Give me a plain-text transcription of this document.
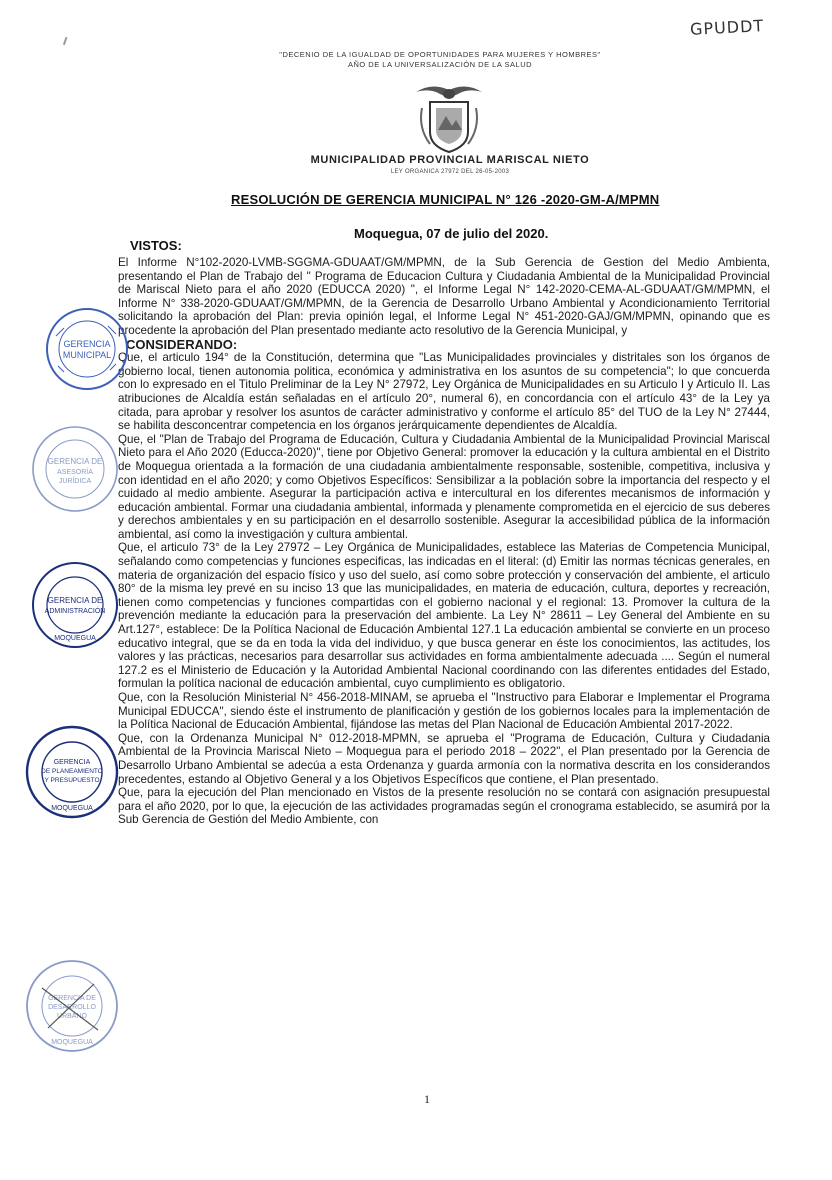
GPUDDT
"DECENIO DE LA IGUALDAD DE OPORTUNIDADES PARA MUJERES Y HOMBRES"
AÑO DE LA UNIVERSALIZACIÓN DE LA SALUD
MUNICIPALIDAD PROVINCIAL MARISCAL NIETO
LEY ORGANICA 27972 DEL 26-05-2003
RESOLUCIÓN DE GERENCIA MUNICIPAL N° 126 -2020-GM-A/MPMN
Moquegua, 07 de julio del 2020.
VISTOS:

El Informe N°102-2020-LVMB-SGGMA-GDUAAT/GM/MPMN, de la Sub Gerencia de Gestion del Medio Ambienta, presentando el Plan de Trabajo del " Programa de Educacion Cultura y Ciudadania Ambiental de la Municipalidad Provincial de Mariscal Nieto para el año 2020 (EDUCCA 2020) ", el Informe Legal N° 142-2020-CEMA-AL-GDUAAT/GM/MPMN, el Informe N° 338-2020-GDUAAT/GM/MPMN, de la Gerencia de Desarrollo Urbano Ambiental y Acondicionamiento Territorial solicitando la aprobación del Plan: previa opinión legal, el Informe Legal N° 451-2020-GAJ/GM/MPMN, opinando que es procedente la aprobación del Plan presentado mediante acto resolutivo de la Gerencia Municipal, y

CONSIDERANDO:

Que, el articulo 194° de la Constitución, determina que "Las Municipalidades provinciales y distritales son los órganos de gobierno local, tienen autonomia politica, económica y administrativa en los asuntos de su competencia"; lo que concuerda con lo expresado en el Titulo Preliminar de la Ley N° 27972, Ley Orgánica de Municipalidades en su Articulo I y Articulo II. Las atribuciones de Alcaldía están señaladas en el artículo 20°, numeral 6), en concordancia con el artículo 43° de la Ley ya citada, para aprobar y resolver los asuntos de carácter administrativo y conforme el artículo 85° del TUO de la Ley N° 27444, se habilita desconcentrar competencia en los órganos jerárquicamente dependientes de Alcaldía.

Que, el "Plan de Trabajo del Programa de Educación, Cultura y Ciudadania Ambiental de la Municipalidad Provincial Mariscal Nieto para el Año 2020 (Educca-2020)", tiene por Objetivo General: promover la educación y la cultura ambiental en el Distrito de Moquegua orientada a la formación de una ciudadania ambientalmente responsable, sostenible, competitiva, inclusiva y con identidad en el año 2020; y como Objetivos Específicos: Sensibilizar a la población sobre la importancia del respecto y el cuidado al medio ambiente. Asegurar la participación activa e intercultural en los diferentes mecanismos de información y educación ambiental. Formar una ciudadania ambiental, informada y plenamente comprometida en el ejercicio de sus deberes y derechos ambientales y en su participación en el desarrollo sostenible. Asegurar la accesibilidad pública de la información ambiental, así como la investigación y cultura ambiental.

Que, el articulo 73° de la Ley 27972 – Ley Orgánica de Municipalidades, establece las Materias de Competencia Municipal, señalando como competencias y funciones especificas, las indicadas en el literal: (d) Emitir las normas técnicas generales, en materia de organización del espacio físico y uso del suelo, así como sobre protección y conservación del ambiente, el articulo 80° de la misma ley prevé en su inciso 13 que las municipalidades, en materia de educación, cultura, deportes y recreación, tienen como competencias y funciones compartidas con el gobierno nacional y el regional: 13. Promover la cultura de la prevención mediante la educación para la preservación del ambiente. La Ley N° 28611 – Ley General del Ambiente en su Art.127°, establece: De la Política Nacional de Educación Ambiental 127.1 La educación ambiental se convierte en un proceso educativo integral, que se da en toda la vida del individuo, y que busca generar en éste los conocimientos, las actitudes, los valores y las prácticas, necesarios para desarrollar sus actividades en forma ambientalmente adecuada .... Según el numeral 127.2 es el Ministerio de Educación y la Autoridad Ambiental Nacional coordinando con las diferentes entidades del Estado, formulan la política nacional de educación ambiental, cuyo cumplimiento es obligatorio.

Que, con la Resolución Ministerial N° 456-2018-MINAM, se aprueba el "Instructivo para Elaborar e Implementar el Programa Municipal EDUCCA", siendo éste el instrumento de planificación y gestión de los gobiernos locales para la implementación de la Política Nacional de Educación Ambiental, fijándose las metas del Plan Nacional de Educación Ambiental 2017-2022.

Que, con la Ordenanza Municipal N° 012-2018-MPMN, se aprueba el "Programa de Educación, Cultura y Ciudadania Ambiental de la Provincia Mariscal Nieto – Moquegua para el periodo 2018 – 2022", el Plan presentado por la Gerencia de Desarrollo Urbano Ambiental se adecúa a esta Ordenanza y guarda armonía con la normativa descrita en los considerandos precedentes, estando al Objetivo General y a los Objetivos Específicos que contiene, el Plan presentado.

Que, para la ejecución del Plan mencionado en Vistos de la presente resolución no se contará con asignación presupuestal para el año 2020, por lo que, la ejecución de las actividades programadas según el cronograma establecido, se asumirá por la Sub Gerencia de Gestión del Medio Ambiente, con

GERENCIA
MUNICIPAL
GERENCIA DE
ASESORÍA
JURÍDICA
GERENCIA DE
ADMINISTRACIÓN
MOQUEGUA
GERENCIA
DE PLANEAMIENTO
Y PRESUPUESTO
MOQUEGUA
GERENCIA DE
DESARROLLO
URBANO
MOQUEGUA
1
